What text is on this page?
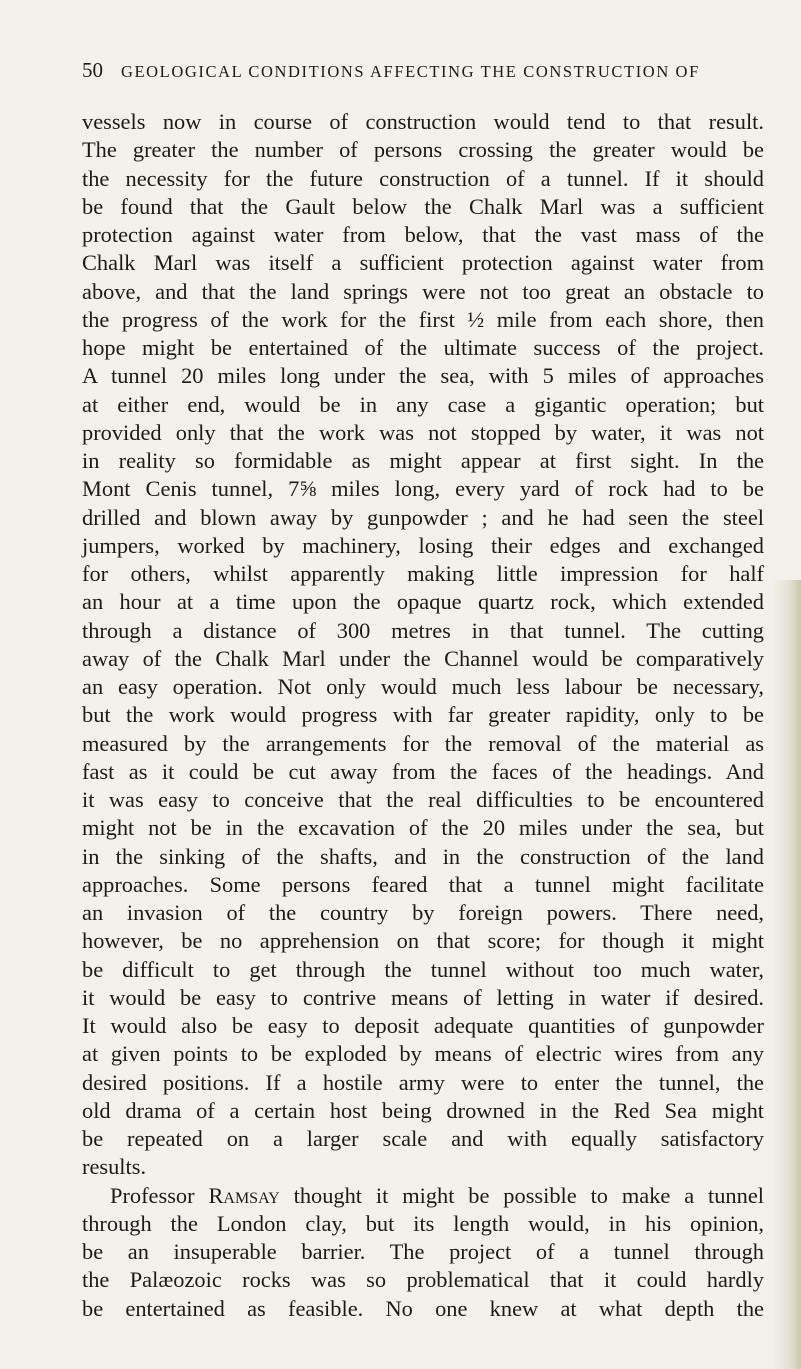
50 GEOLOGICAL CONDITIONS AFFECTING THE CONSTRUCTION OF
vessels now in course of construction would tend to that result.
The greater the number of persons crossing the greater would be
the necessity for the future construction of a tunnel. If it should
be found that the Gault below the Chalk Marl was a sufficient
protection against water from below, that the vast mass of the
Chalk Marl was itself a sufficient protection against water from
above, and that the land springs were not too great an obstacle to
the progress of the work for the first ½ mile from each shore, then
hope might be entertained of the ultimate success of the project.
A tunnel 20 miles long under the sea, with 5 miles of approaches
at either end, would be in any case a gigantic operation; but
provided only that the work was not stopped by water, it was not
in reality so formidable as might appear at first sight. In the
Mont Cenis tunnel, 7⅝ miles long, every yard of rock had to be
drilled and blown away by gunpowder ; and he had seen the steel
jumpers, worked by machinery, losing their edges and exchanged
for others, whilst apparently making little impression for half
an hour at a time upon the opaque quartz rock, which extended
through a distance of 300 metres in that tunnel. The cutting
away of the Chalk Marl under the Channel would be comparatively
an easy operation. Not only would much less labour be necessary,
but the work would progress with far greater rapidity, only to be
measured by the arrangements for the removal of the material as
fast as it could be cut away from the faces of the headings. And
it was easy to conceive that the real difficulties to be encountered
might not be in the excavation of the 20 miles under the sea, but
in the sinking of the shafts, and in the construction of the land
approaches. Some persons feared that a tunnel might facilitate
an invasion of the country by foreign powers. There need,
however, be no apprehension on that score; for though it might
be difficult to get through the tunnel without too much water,
it would be easy to contrive means of letting in water if desired.
It would also be easy to deposit adequate quantities of gunpowder
at given points to be exploded by means of electric wires from any
desired positions. If a hostile army were to enter the tunnel, the
old drama of a certain host being drowned in the Red Sea might
be repeated on a larger scale and with equally satisfactory
results.
Professor Ramsay thought it might be possible to make a tunnel
through the London clay, but its length would, in his opinion,
be an insuperable barrier. The project of a tunnel through
the Palæozoic rocks was so problematical that it could hardly
be entertained as feasible. No one knew at what depth the
